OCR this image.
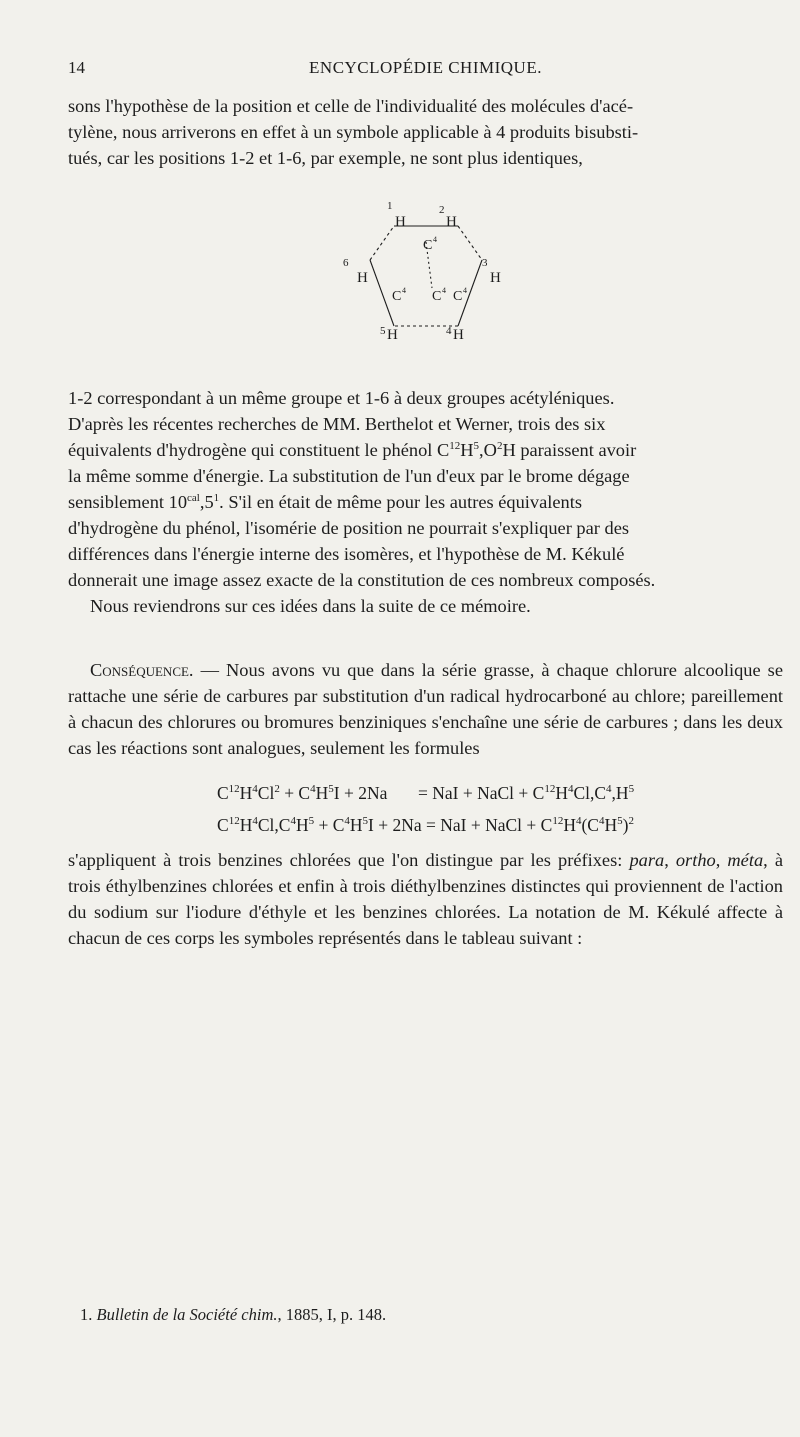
14	ENCYCLOPÉDIE CHIMIQUE.

sons l'hypothèse de la position et celle de l'individualité des molécules d'acé-
tylène, nous arriverons en effet à un symbole applicable à 4 produits bisubsti-
tués, car les positions 1-2 et 1-6, par exemple, ne sont plus identiques,

1
H
2
H
3
H
6
H
5 H	4 H
C 4
C 4 C 4 C 4

1-2 correspondant à un même groupe et 1-6 à deux groupes acétyléniques.
D'après les récentes recherches de MM. Berthelot et Werner, trois des six
équivalents d'hydrogène qui constituent le phénol $C^{12}H^5,O^2H$ paraissent avoir
la même somme d'énergie. La substitution de l'un d'eux par le brome dégage
sensiblement $10^{cal},5^1$. S'il en était de même pour les autres équivalents
d'hydrogène du phénol, l'isomérie de position ne pourrait s'expliquer par des
différences dans l'énergie interne des isomères, et l'hypothèse de M. Kékulé
donnerait une image assez exacte de la constitution de ces nombreux composés.
Nous reviendrons sur ces idées dans la suite de ce mémoire.

Conséquence. — Nous avons vu que dans la série grasse, à chaque chlorure alcoolique se rattache une série de carbures par substitution d'un radical hydrocarboné au chlore; pareillement à chacun des chlorures ou bromures benziniques s'enchaîne une série de carbures ; dans les deux cas les réactions sont analogues, seulement les formules

$C^{12}H^4Cl^2 + C^4H^5I + 2Na$ = NaI + NaCl + $C^{12}H^4Cl,C^4,H^5$

$C^{12}H^4Cl,C^4H^5 + C^4H^5I + 2Na$ = NaI + NaCl + $C^{12}H^4(C^4H^5)^2$

s'appliquent à trois benzines chlorées que l'on distingue par les préfixes: para, ortho, méta, à trois éthylbenzines chlorées et enfin à trois diéthylbenzines distinctes qui proviennent de l'action du sodium sur l'iodure d'éthyle et les benzines chlorées. La notation de M. Kékulé affecte à chacun de ces corps les symboles représentés dans le tableau suivant :

1. Bulletin de la Société chim., 1885, I, p. 148.
